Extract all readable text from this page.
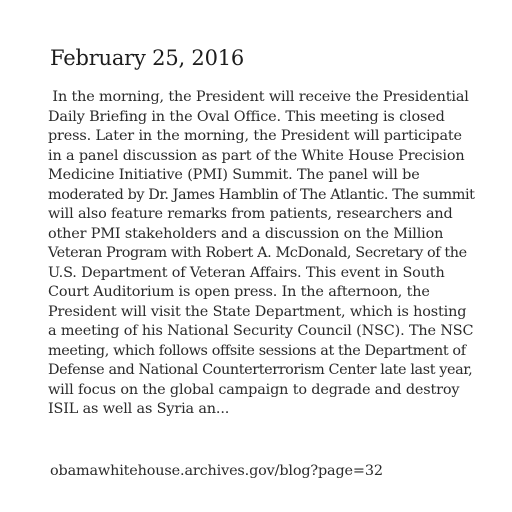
February 25, 2016
In the morning, the President will receive the Presidential
Daily Briefing in the Oval Office. This meeting is closed
press. Later in the morning, the President will participate
in a panel discussion as part of the White House Precision
Medicine Initiative (PMI) Summit. The panel will be
moderated by Dr. James Hamblin of The Atlantic. The summit
will also feature remarks from patients, researchers and
other PMI stakeholders and a discussion on the Million
Veteran Program with Robert A. McDonald, Secretary of the
U.S. Department of Veteran Affairs. This event in South
Court Auditorium is open press. In the afternoon, the
President will visit the State Department, which is hosting
a meeting of his National Security Council (NSC). The NSC
meeting, which follows offsite sessions at the Department of
Defense and National Counterterrorism Center late last year,
will focus on the global campaign to degrade and destroy
ISIL as well as Syria an...
obamawhitehouse.archives.gov/blog?page=32
